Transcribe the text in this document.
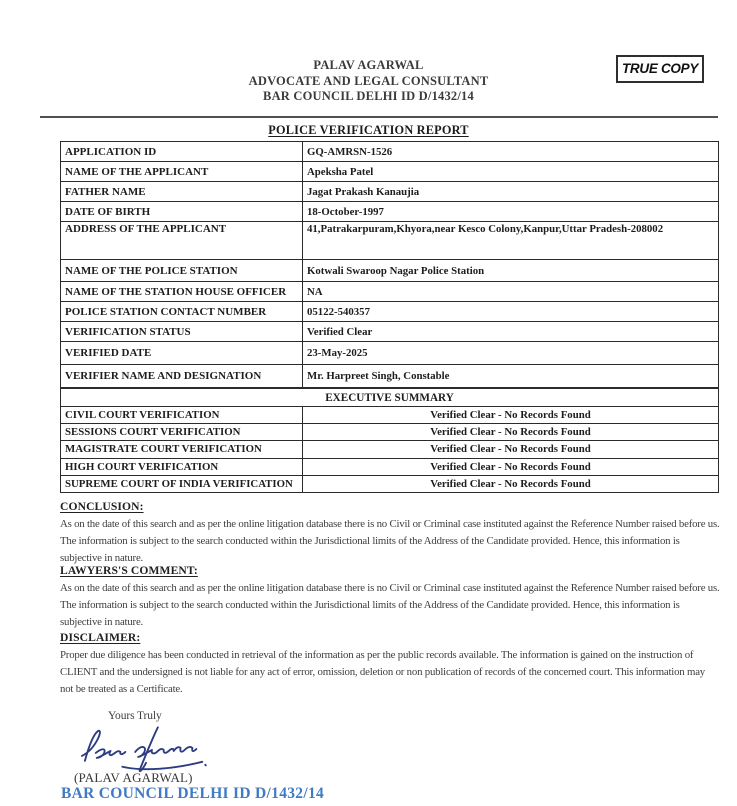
PALAV AGARWAL
ADVOCATE AND LEGAL CONSULTANT
BAR COUNCIL DELHI ID D/1432/14
TRUE COPY
POLICE VERIFICATION REPORT
APPLICATION ID	GQ-AMRSN-1526
NAME OF THE APPLICANT	Apeksha Patel
FATHER NAME	Jagat Prakash Kanaujia
DATE OF BIRTH	18-October-1997
ADDRESS OF THE APPLICANT	41,Patrakarpuram,Khyora,near Kesco Colony,Kanpur,Uttar Pradesh-208002
NAME OF THE POLICE STATION	Kotwali Swaroop Nagar Police Station
NAME OF THE STATION HOUSE OFFICER	NA
POLICE STATION CONTACT NUMBER	05122-540357
VERIFICATION STATUS	Verified Clear
VERIFIED DATE	23-May-2025
VERIFIER NAME AND DESIGNATION	Mr. Harpreet Singh, Constable
EXECUTIVE SUMMARY	
CIVIL COURT VERIFICATION	Verified Clear - No Records Found
SESSIONS COURT VERIFICATION	Verified Clear - No Records Found
MAGISTRATE COURT VERIFICATION	Verified Clear - No Records Found
HIGH COURT VERIFICATION	Verified Clear - No Records Found
SUPREME COURT OF INDIA VERIFICATION	Verified Clear - No Records Found
CONCLUSION:
As on the date of this search and as per the online litigation database there is no Civil or Criminal case instituted against the Reference Number raised before us. The information is subject to the search conducted within the Jurisdictional limits of the Address of the Candidate provided. Hence, this information is subjective in nature.
LAWYERS'S COMMENT:
As on the date of this search and as per the online litigation database there is no Civil or Criminal case instituted against the Reference Number raised before us. The information is subject to the search conducted within the Jurisdictional limits of the Address of the Candidate provided. Hence, this information is subjective in nature.
DISCLAIMER:
Proper due diligence has been conducted in retrieval of the information as per the public records available. The information is gained on the instruction of CLIENT and the undersigned is not liable for any act of error, omission, deletion or non publication of records of the concerned court. This information may not be treated as a Certificate.
Yours Truly
(PALAV AGARWAL)
BAR COUNCIL DELHI ID D/1432/14
